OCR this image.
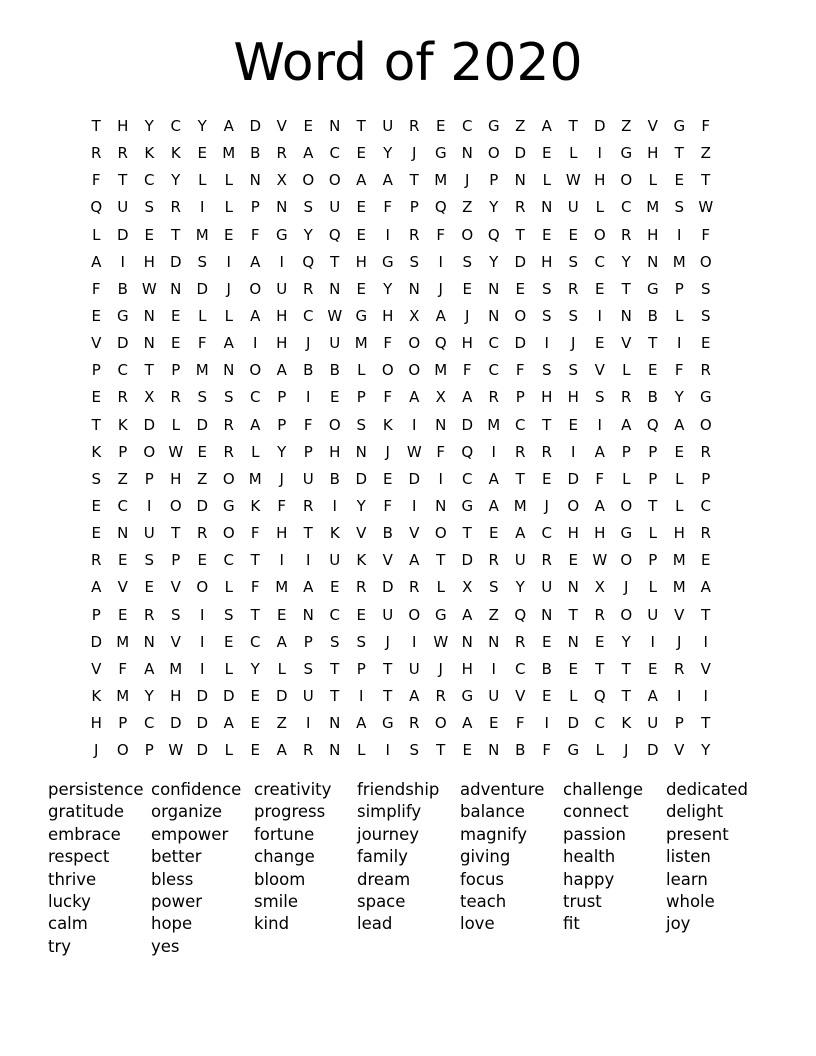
Word of 2020
T	H	Y	C	Y	A	D	V	E	N	T	U	R	E	C	G	Z	A	T	D	Z	V	G	F
R	R	K	K	E	M B	R	A	C	E	Y	J	G	N O D	E	L	I	G	H	T	Z
F	T	C	Y	L	L	N	X	O O	A	A	T	M	J	P	N	L W H O	L	E	T
Q	U	S	R	I	L	P	N	S	U	E	F	P	Q	Z	Y	R	N	U	L	C M	S W
L	D	E	T	M	E	F	G	Y	Q	E	I	R	F	O Q	T	E	E	O	R	H	I	F
A	I	H	D	S	I	A	I	Q	T	H	G	S	I	S	Y	D	H	S	C	Y	N M O
F	B W N	D	J	O	U	R	N	E	Y	N	J	E	N	E	S	R	E	T	G	P	S
E	G	N	E	L	L	A	H	C W G	H	X	A	J	N O	S	S	I	N	B	L	S
V	D	N	E	F	A	I	H	J	U M	F	O Q H	C	D	I	J	E	V	T	I	E
P	C	T	P	M N O	A	B	B	L	O O M	F	C	F	S	S	V	L	E	F	R
E	R	X	R	S	S	C	P	I	E	P	F	A	X	A	R	P	H	H	S	R	B	Y	G
T	K	D	L	D	R	A	P	F	O	S	K	I	N	D M C	T	E	I	A	Q	A	O
K	P	O W E	R	L	Y	P	H	N	J	W F	Q	I	R	R	I	A	P	P	E	R
S	Z	P	H	Z	O M	J	U	B	D	E	D	I	C	A	T	E	D	F	L	P	L	P
E	C	I	O D G	K	F	R	I	Y	F	I	N	G	A M	J	O	A	O	T	L	C
E	N	U	T	R	O	F	H	T	K	V	B	V	O	T	E	A	C	H	H	G	L	H	R
R	E	S	P	E	C	T	I	I	U	K	V	A	T	D	R	U	R	E W O	P	M	E
A	V	E	V	O	L	F	M A	E	R	D	R	L	X	S	Y	U	N	X	J	L	M A
P	E	R	S	I	S	T	E	N	C	E	U	O G	A	Z	Q N	T	R	O	U	V	T
D M N	V	I	E	C	A	P	S	S	J	I	W N	N	R	E	N	E	Y	I	J	I
V	F	A M	I	L	Y	L	S	T	P	T	U	J	H	I	C	B	E	T	T	E	R	V
K	M	Y	H	D D	E	D	U	T	I	T	A	R	G	U	V	E	L	Q	T	A	I	I
H	P	C	D D	A	E	Z	I	N	A	G	R	O	A	E	F	I	D	C	K	U	P	T
J	O	P W D	L	E	A	R	N	L	I	S	T	E	N	B	F	G	L	J	D	V	Y
persistence confidence creativity	friendship	adventure	challenge	dedicated
gratitude	organize	progress	simplify	balance	connect	delight
embrace	empower	fortune	journey	magnify	passion	present
respect	better	change	family	giving	health	listen
thrive	bless	bloom	dream	focus	happy	learn
lucky	power	smile	space	teach	trust	whole
calm	hope	kind	lead	love	fit	joy
try	yes
